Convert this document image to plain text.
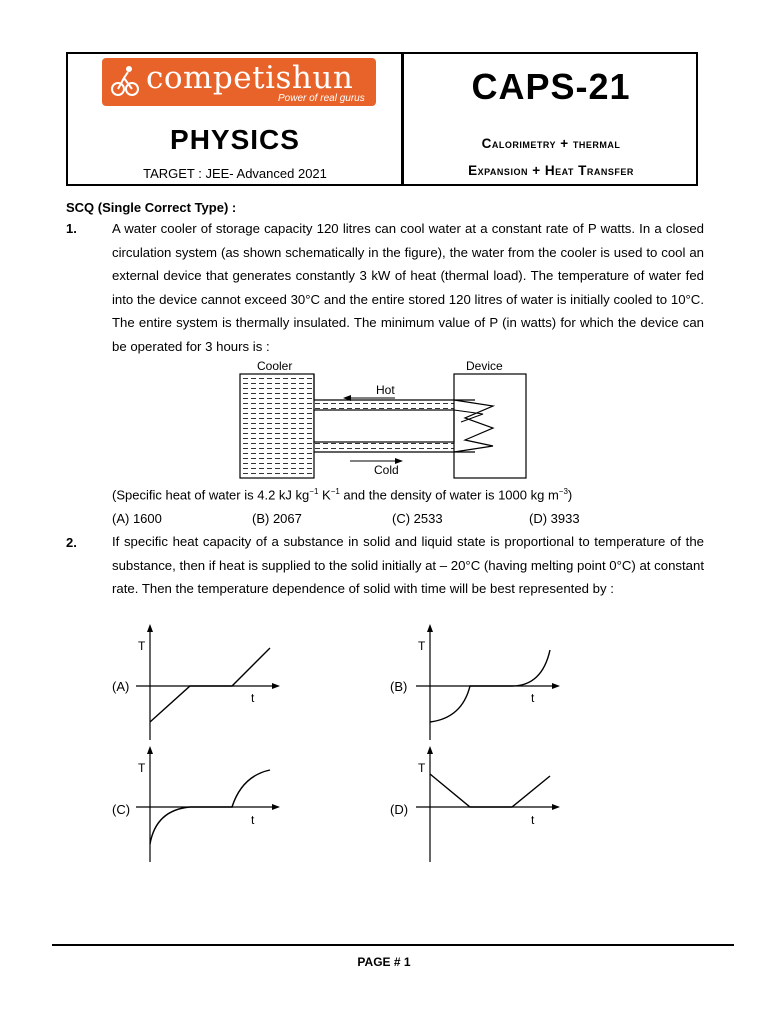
competishun
Power of real gurus
PHYSICS
TARGET : JEE- Advanced 2021
CAPS-21
Calorimetry + thermal
Expansion + Heat Transfer
SCQ (Single Correct Type) :
1.	A water cooler of storage capacity 120 litres can cool water at a constant rate of P watts. In a closed circulation system (as shown schematically in the figure), the water from the cooler is used to cool an external device that generates constantly 3 kW of heat (thermal load). The temperature of water fed into the device cannot exceed 30°C and the entire stored 120 litres of water is initially cooled to 10°C. The entire system is thermally insulated. The minimum value of P (in watts) for which the device can be operated for 3 hours is :
Cooler	Device
Hot
Cold
(Specific heat of water is 4.2 kJ $kg^{-1}$ $K^{-1}$ and the density of water is 1000 kg $m^{-3}$)
(A) 1600	(B) 2067	(C) 2533	(D) 3933
2.	If specific heat capacity of a substance in solid and liquid state is proportional to temperature of the substance, then if heat is supplied to the solid initially at – 20°C (having melting point 0°C) at constant rate. Then the temperature dependence of solid with time will be best represented by :
(A)
T
t
(B)
T
t
(C)
T
t
(D)
T
t
PAGE # 1
